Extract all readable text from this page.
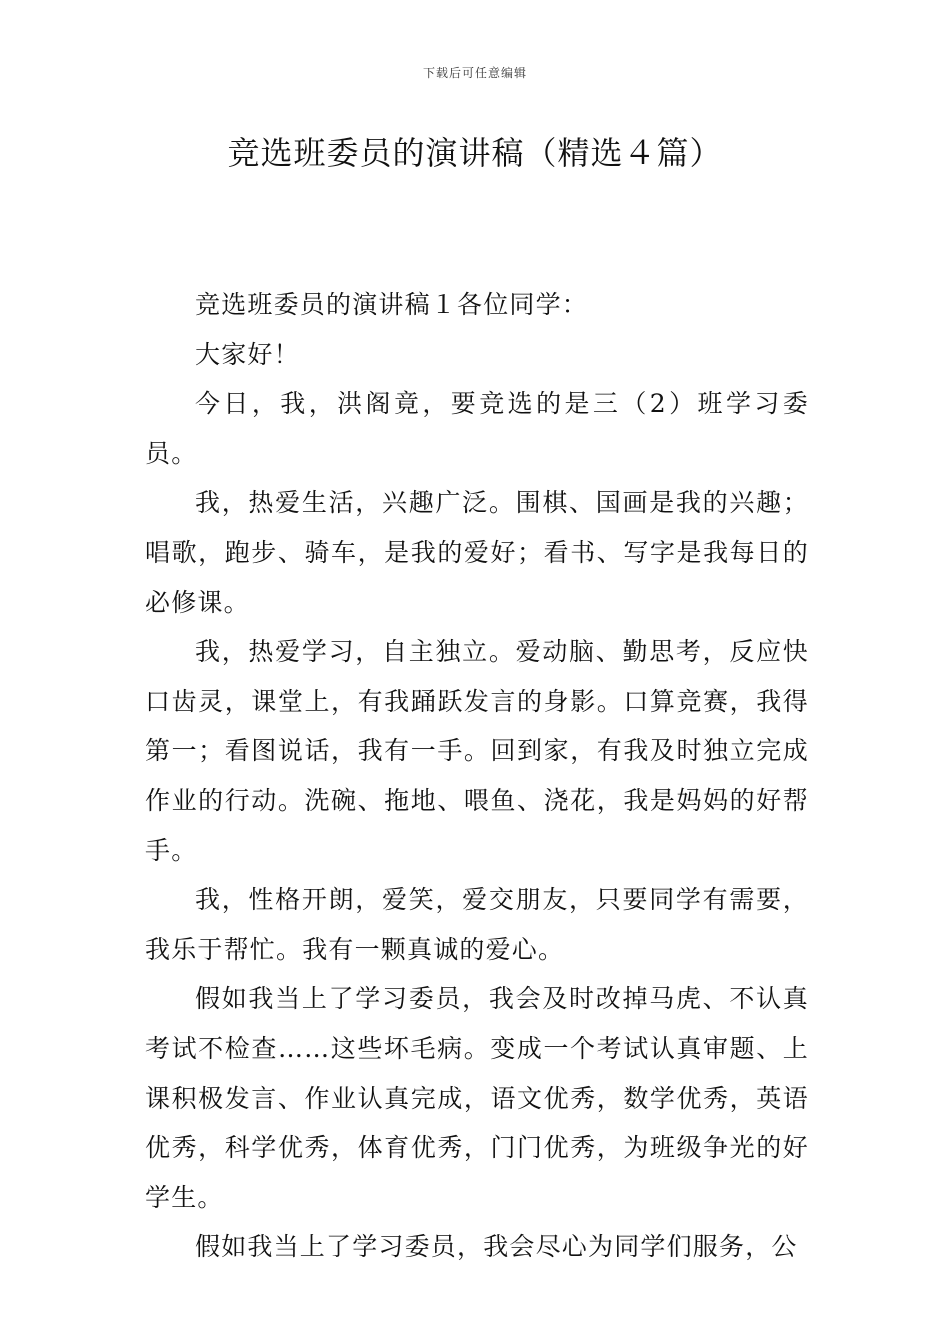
下载后可任意编辑
竞选班委员的演讲稿（精选４篇）

竞选班委员的演讲稿１各位同学：

大家好！

今日，我，洪阁竟，要竞选的是三（2）班学习委员。

我，热爱生活，兴趣广泛。围棋、国画是我的兴趣；唱歌，跑步、骑车，是我的爱好；看书、写字是我每日的必修课。

我，热爱学习，自主独立。爱动脑、勤思考，反应快口齿灵，课堂上，有我踊跃发言的身影。口算竞赛，我得第一；看图说话，我有一手。回到家，有我及时独立完成作业的行动。洗碗、拖地、喂鱼、浇花，我是妈妈的好帮手。

我，性格开朗，爱笑，爱交朋友，只要同学有需要，我乐于帮忙。我有一颗真诚的爱心。

假如我当上了学习委员，我会及时改掉马虎、不认真考试不检查……这些坏毛病。变成一个考试认真审题、上课积极发言、作业认真完成，语文优秀，数学优秀，英语优秀，科学优秀，体育优秀，门门优秀，为班级争光的好学生。

假如我当上了学习委员，我会尽心为同学们服务，公
